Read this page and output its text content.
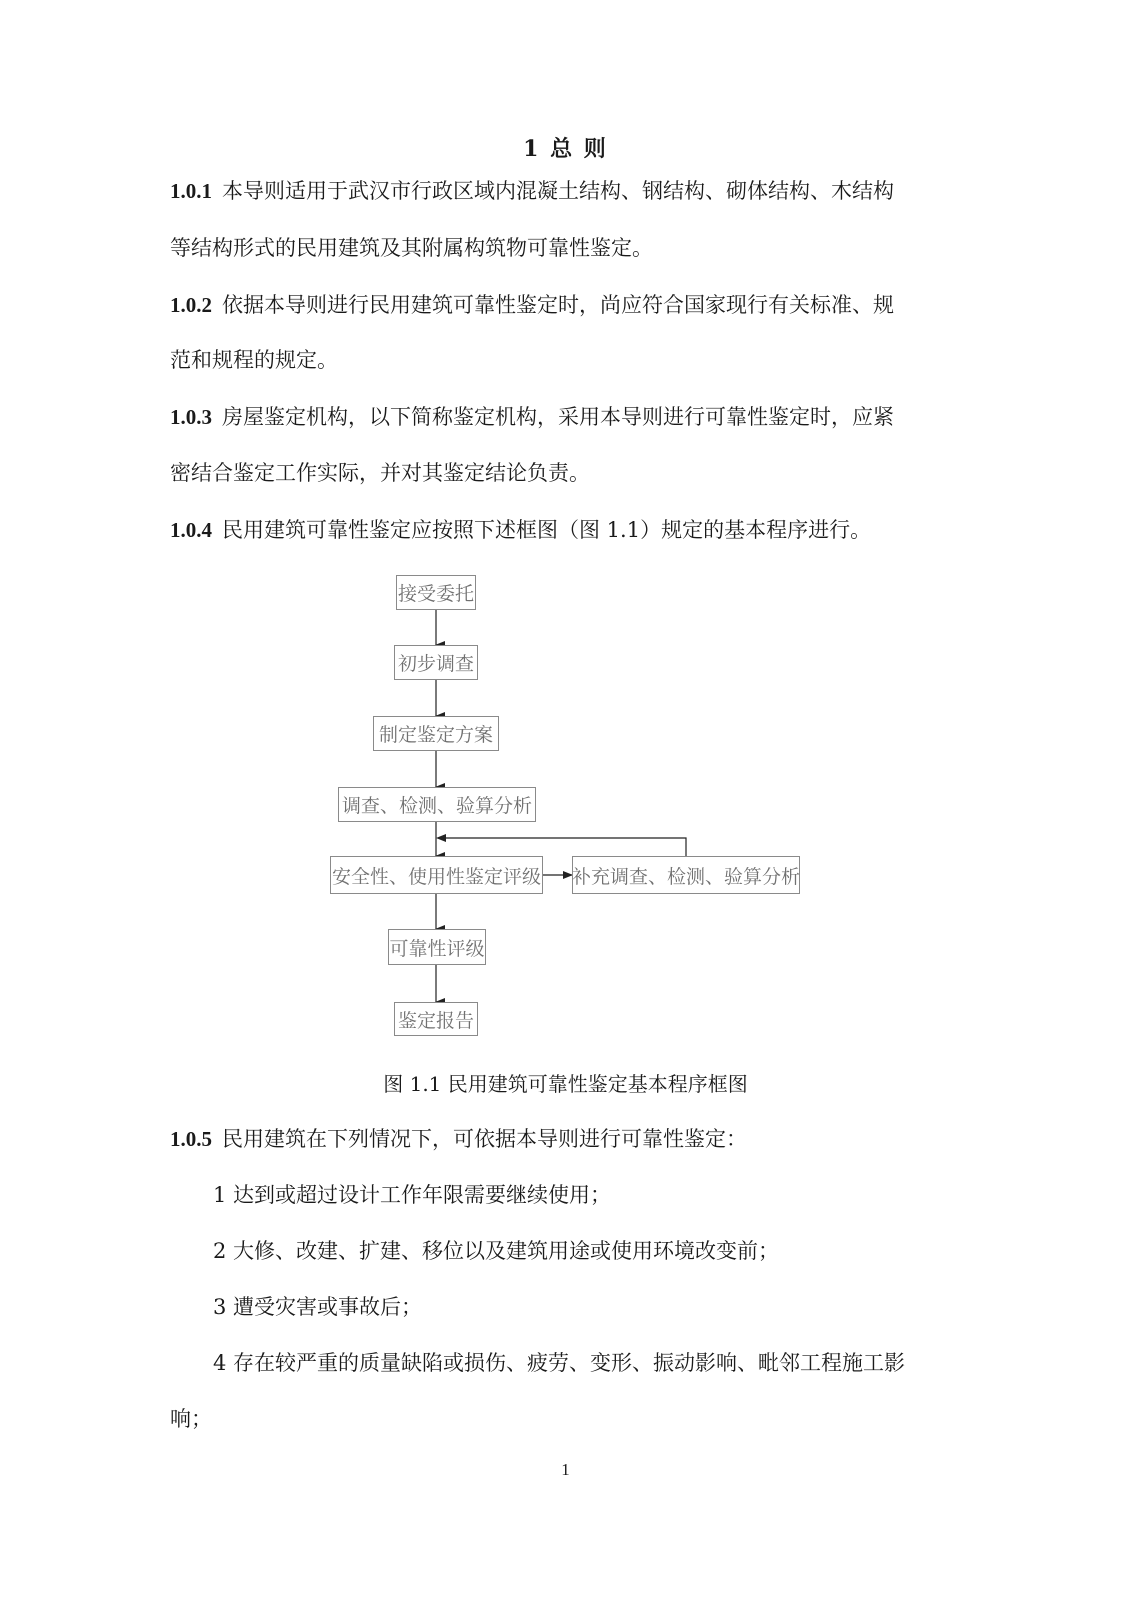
1 总 则
1.0.1 本导则适用于武汉市行政区域内混凝土结构、钢结构、砌体结构、木结构
等结构形式的民用建筑及其附属构筑物可靠性鉴定。
1.0.2 依据本导则进行民用建筑可靠性鉴定时，尚应符合国家现行有关标准、规
范和规程的规定。
1.0.3 房屋鉴定机构，以下简称鉴定机构，采用本导则进行可靠性鉴定时，应紧
密结合鉴定工作实际，并对其鉴定结论负责。
1.0.4 民用建筑可靠性鉴定应按照下述框图（图 1.1）规定的基本程序进行。
接受委托
初步调查
制定鉴定方案
调查、检测、验算分析
安全性、使用性鉴定评级 补充调查、检测、验算分析
可靠性评级
鉴定报告
图 1.1 民用建筑可靠性鉴定基本程序框图
1.0.5 民用建筑在下列情况下，可依据本导则进行可靠性鉴定：
1 达到或超过设计工作年限需要继续使用；
2 大修、改建、扩建、移位以及建筑用途或使用环境改变前；
3 遭受灾害或事故后；
4 存在较严重的质量缺陷或损伤、疲劳、变形、振动影响、毗邻工程施工影
响；
1
